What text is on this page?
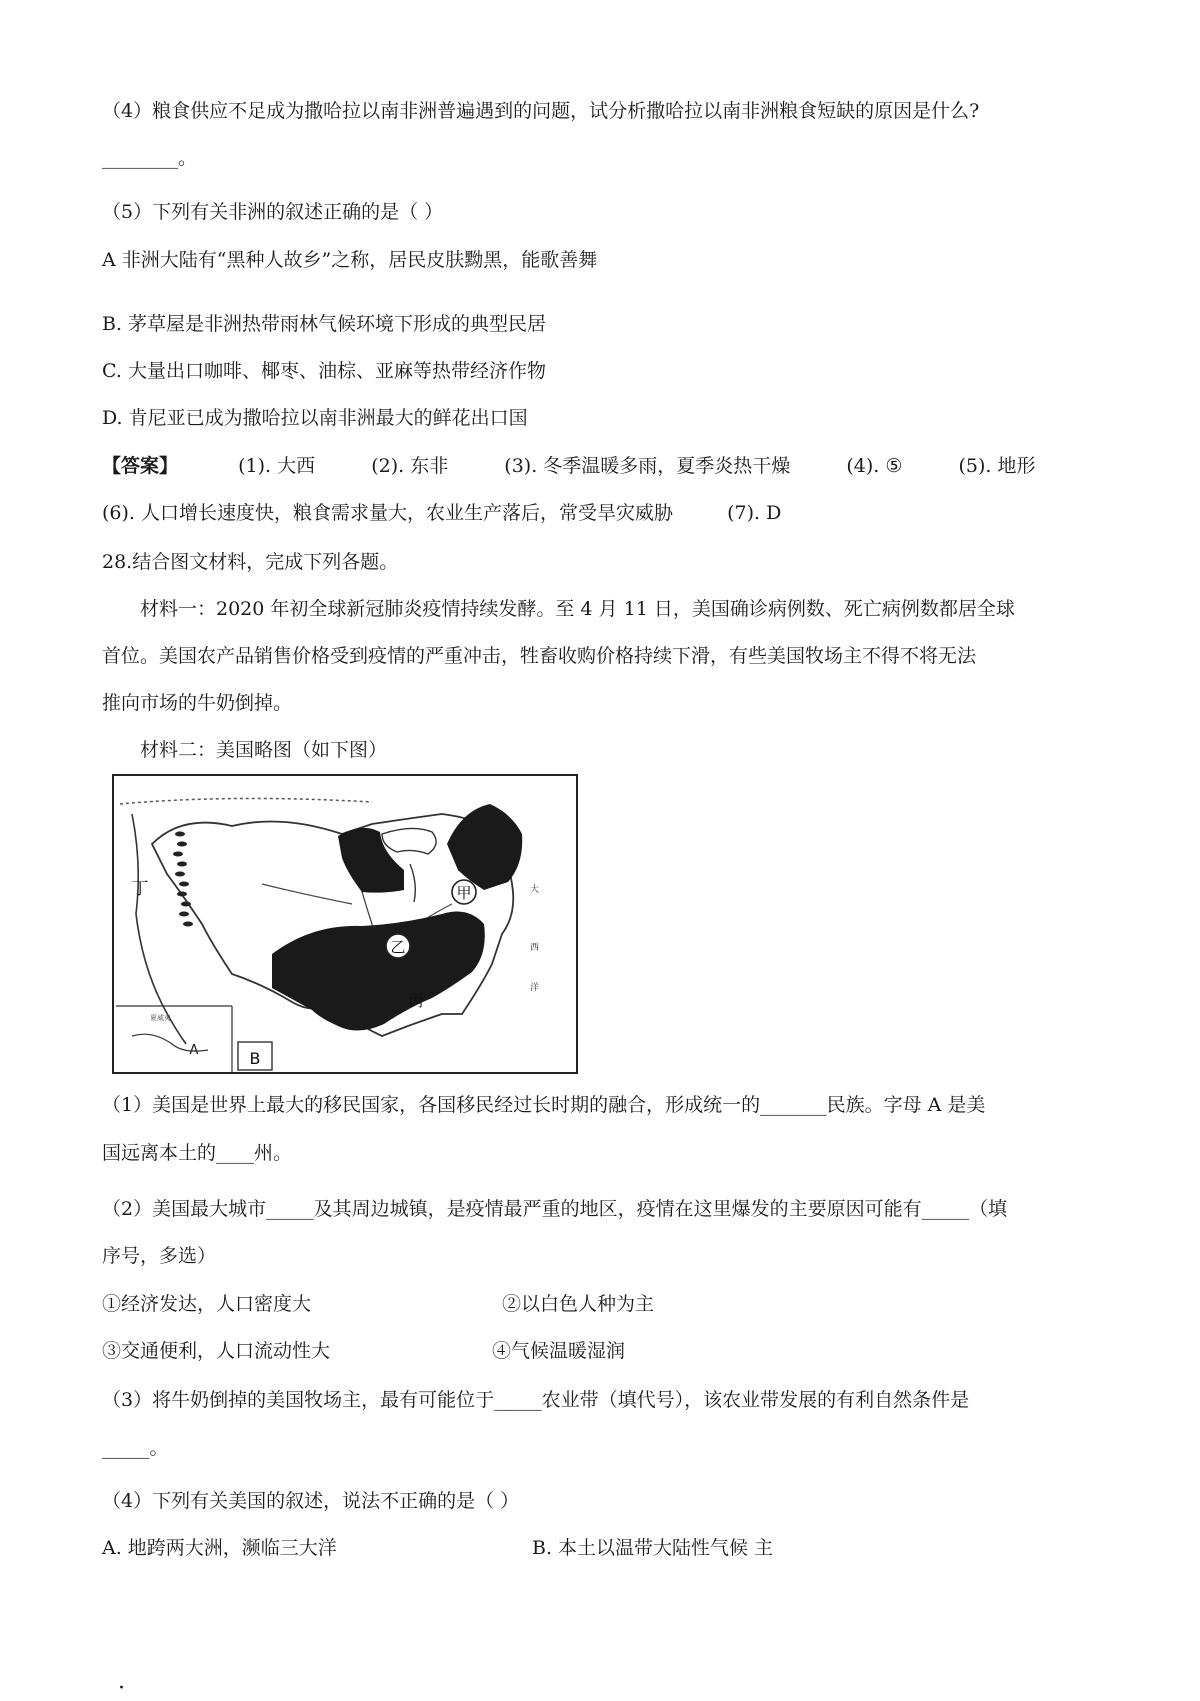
（4）粮食供应不足成为撒哈拉以南非洲普遍遇到的问题，试分析撒哈拉以南非洲粮食短缺的原因是什么?
________。
（5）下列有关非洲的叙述正确的是（ ）
A 非洲大陆有“黑种人故乡”之称，居民皮肤黝黑，能歌善舞
B. 茅草屋是非洲热带雨林气候环境下形成的典型民居
C. 大量出口咖啡、椰枣、油棕、亚麻等热带经济作物
D. 肯尼亚已成为撒哈拉以南非洲最大的鲜花出口国
【答案】	(1). 大西	(2). 东非	(3). 冬季温暖多雨，夏季炎热干燥	(4). ⑤	(5). 地形
(6). 人口增长速度快，粮食需求量大，农业生产落后，常受旱灾威胁	(7). D
28.结合图文材料，完成下列各题。
材料一：2020 年初全球新冠肺炎疫情持续发酵。至 4 月 11 日，美国确诊病例数、死亡病例数都居全球
首位。美国农产品销售价格受到疫情的严重冲击，牲畜收购价格持续下滑，有些美国牧场主不得不将无法
推向市场的牛奶倒掉。
材料二：美国略图（如下图）
甲
乙
丙
丁	大
西
洋
B
A
夏威夷
（1）美国是世界上最大的移民国家，各国移民经过长时期的融合，形成统一的_______民族。字母 A 是美
国远离本土的____州。
（2）美国最大城市_____及其周边城镇，是疫情最严重的地区，疫情在这里爆发的主要原因可能有_____（填
序号，多选）
①经济发达，人口密度大	②以白色人种为主
③交通便利，人口流动性大	④气候温暖湿润
（3）将牛奶倒掉的美国牧场主，最有可能位于_____农业带（填代号），该农业带发展的有利自然条件是
_____。
（4）下列有关美国的叙述，说法不正确的是（ ）
A. 地跨两大洲，濒临三大洋	B. 本土以温带大陆性气候 主
·
